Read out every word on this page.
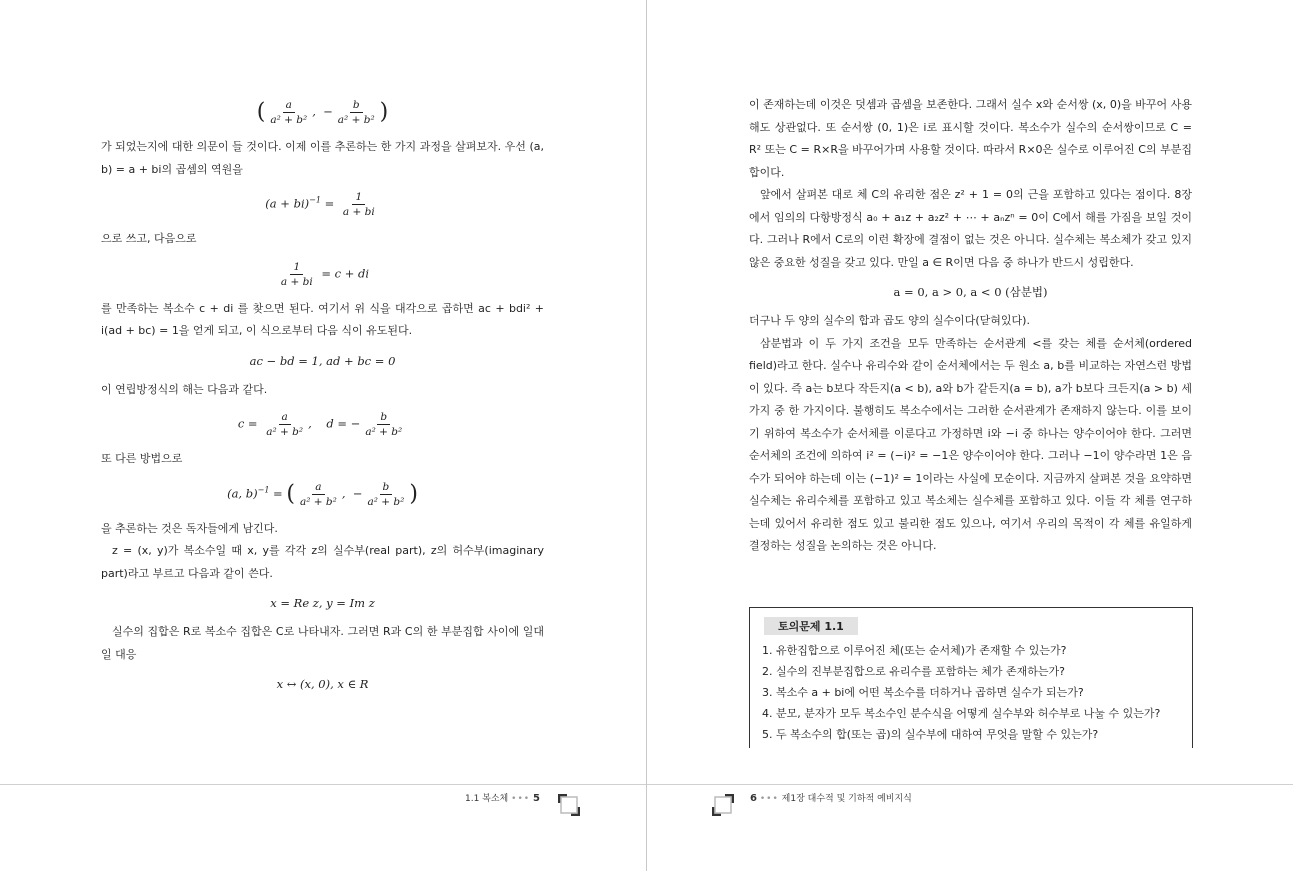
( $\frac{a}{\text{a² + b²}}$ ,  − $\frac{b}{\text{a² + b²}}$ )

가 되었는지에 대한 의문이 들 것이다. 이제 이를 추론하는 한 가지 과정을 살펴보자. 우선 (a, b) = a + bi의 곱셈의 역원을

$(a + bi)^{-1} = \frac{1}{a + bi}$

으로 쓰고, 다음으로

$\frac{1}{a + bi} = c$ + di

를 만족하는 복소수 c + di 를 찾으면 된다. 여기서 위 식을 대각으로 곱하면 ac + bdi² + i(ad + bc) = 1을 얻게 되고, 이 식으로부터 다음 식이 유도된다.

ac − bd = 1, ad + bc = 0

이 연립방정식의 해는 다음과 같다.

$c = \frac{a}{\text{a² + b²}}$ ,    d = − $\frac{b}{\text{a² + b²}}$

또 다른 방법으로

(a, b)$^{-1}$ = ( $\frac{a}{\text{a² + b²}}$ ,  − $\frac{b}{\text{a² + b²}}$ )

을 추론하는 것은 독자들에게 남긴다.

z = (x, y)가 복소수일 때 x, y를 각각 z의 실수부(real part), z의 허수부(imaginary part)라고 부르고 다음과 같이 쓴다.

x = Re z, y = Im z

실수의 집합은 R로 복소수 집합은 C로 나타내자. 그러면 R과 C의 한 부분집합 사이에 일대일 대응

x ↔ (x, 0), x ∈ R

이 존재하는데 이것은 덧셈과 곱셈을 보존한다. 그래서 실수 x와 순서쌍 (x, 0)을 바꾸어 사용해도 상관없다. 또 순서쌍 (0, 1)은 i로 표시할 것이다. 복소수가 실수의 순서쌍이므로 C = R² 또는 C = R×R을 바꾸어가며 사용할 것이다. 따라서 R×0은 실수로 이루어진 C의 부분집합이다.

앞에서 살펴본 대로 체 C의 유리한 점은 z² + 1 = 0의 근을 포함하고 있다는 점이다. 8장에서 임의의 다항방정식 a₀ + a₁z + a₂z² + ⋯ + aₙzⁿ = 0이 C에서 해를 가짐을 보일 것이다. 그러나 R에서 C로의 이런 확장에 결점이 없는 것은 아니다. 실수체는 복소체가 갖고 있지 않은 중요한 성질을 갖고 있다. 만일 a ∈ R이면 다음 중 하나가 반드시 성립한다.

a = 0, a > 0, a < 0 (삼분법)

더구나 두 양의 실수의 합과 곱도 양의 실수이다(닫혀있다).

삼분법과 이 두 가지 조건을 모두 만족하는 순서관계 <를 갖는 체를 순서체(ordered field)라고 한다. 실수나 유리수와 같이 순서체에서는 두 원소 a, b를 비교하는 자연스런 방법이 있다. 즉 a는 b보다 작든지(a < b), a와 b가 같든지(a = b), a가 b보다 크든지(a > b) 세 가지 중 한 가지이다. 불행히도 복소수에서는 그러한 순서관계가 존재하지 않는다. 이를 보이기 위하여 복소수가 순서체를 이룬다고 가정하면 i와 −i 중 하나는 양수이어야 한다. 그러면 순서체의 조건에 의하여 i² = (−i)² = −1은 양수이어야 한다. 그러나 −1이 양수라면 1은 음수가 되어야 하는데 이는 (−1)² = 1이라는 사실에 모순이다. 지금까지 살펴본 것을 요약하면 실수체는 유리수체를 포함하고 있고 복소체는 실수체를 포함하고 있다. 이들 각 체를 연구하는데 있어서 유리한 점도 있고 불리한 점도 있으나, 여기서 우리의 목적이 각 체를 유일하게 결정하는 성질을 논의하는 것은 아니다.

토의문제 1.1
1. 유한집합으로 이루어진 체(또는 순서체)가 존재할 수 있는가?
2. 실수의 진부분집합으로 유리수를 포함하는 체가 존재하는가?
3. 복소수 a + bi에 어떤 복소수를 더하거나 곱하면 실수가 되는가?
4. 분모, 분자가 모두 복소수인 분수식을 어떻게 실수부와 허수부로 나눌 수 있는가?
5. 두 복소수의 합(또는 곱)의 실수부에 대하여 무엇을 말할 수 있는가?
1.1 복소체 ••• 5	6 ••• 제1장 대수적 및 기하적 예비지식
